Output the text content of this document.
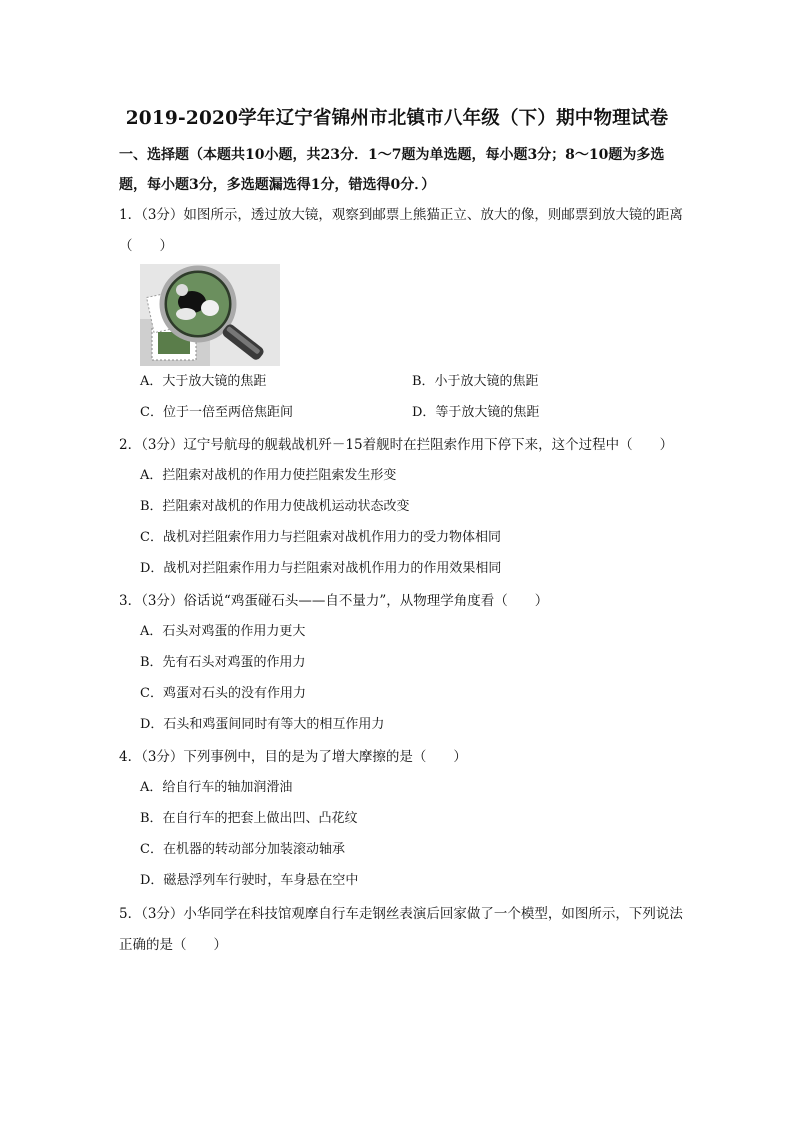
2019-2020学年辽宁省锦州市北镇市八年级（下）期中物理试卷
一、选择题（本题共10小题，共23分．1～7题为单选题，每小题3分；8～10题为多选题，每小题3分，多选题漏选得1分，错选得0分．）
1．（3分）如图所示，透过放大镜，观察到邮票上熊猫正立、放大的像，则邮票到放大镜的距离（　　）
A．大于放大镜的焦距	B．小于放大镜的焦距
C．位于一倍至两倍焦距间	D．等于放大镜的焦距
2．（3分）辽宁号航母的舰载战机歼－15着舰时在拦阻索作用下停下来，这个过程中（　　）
A．拦阻索对战机的作用力使拦阻索发生形变
B．拦阻索对战机的作用力使战机运动状态改变
C．战机对拦阻索作用力与拦阻索对战机作用力的受力物体相同
D．战机对拦阻索作用力与拦阻索对战机作用力的作用效果相同
3．（3分）俗话说“鸡蛋碰石头——自不量力”，从物理学角度看（　　）
A．石头对鸡蛋的作用力更大
B．先有石头对鸡蛋的作用力
C．鸡蛋对石头的没有作用力
D．石头和鸡蛋间同时有等大的相互作用力
4．（3分）下列事例中，目的是为了增大摩擦的是（　　）
A．给自行车的轴加润滑油
B．在自行车的把套上做出凹、凸花纹
C．在机器的转动部分加装滚动轴承
D．磁悬浮列车行驶时，车身悬在空中
5．（3分）小华同学在科技馆观摩自行车走钢丝表演后回家做了一个模型，如图所示，下列说法正确的是（　　）
